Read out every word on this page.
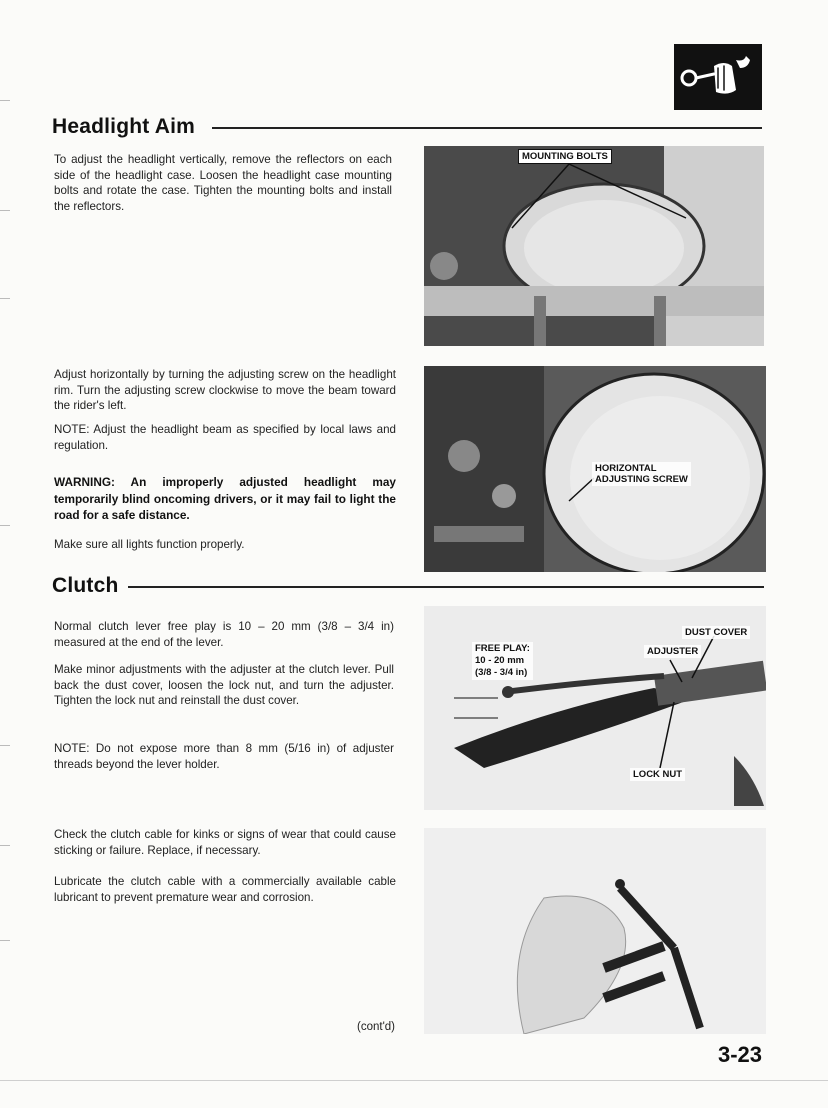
Headlight Aim

To adjust the headlight vertically, remove the reflectors on each side of the headlight case. Loosen the headlight case mounting bolts and rotate the case. Tighten the mounting bolts and install the reflectors.

MOUNTING BOLTS

Adjust horizontally by turning the adjusting screw on the headlight rim. Turn the adjusting screw clockwise to move the beam toward the rider's left.

NOTE: Adjust the headlight beam as specified by local laws and regulation.

WARNING: An improperly adjusted headlight may temporarily blind oncoming drivers, or it may fail to light the road for a safe distance.

Make sure all lights function properly.

HORIZONTAL
ADJUSTING SCREW
Clutch

Normal clutch lever free play is 10 – 20 mm (3/8 – 3/4 in) measured at the end of the lever.

Make minor adjustments with the adjuster at the clutch lever. Pull back the dust cover, loosen the lock nut, and turn the adjuster. Tighten the lock nut and reinstall the dust cover.

NOTE: Do not expose more than 8 mm (5/16 in) of adjuster threads beyond the lever holder.

FREE PLAY:
10 - 20 mm
(3/8 - 3/4 in)
ADJUSTER
DUST COVER
LOCK NUT

Check the clutch cable for kinks or signs of wear that could cause sticking or failure. Replace, if necessary.

Lubricate the clutch cable with a commercially available cable lubricant to prevent premature wear and corrosion.

(cont'd)
3-23
